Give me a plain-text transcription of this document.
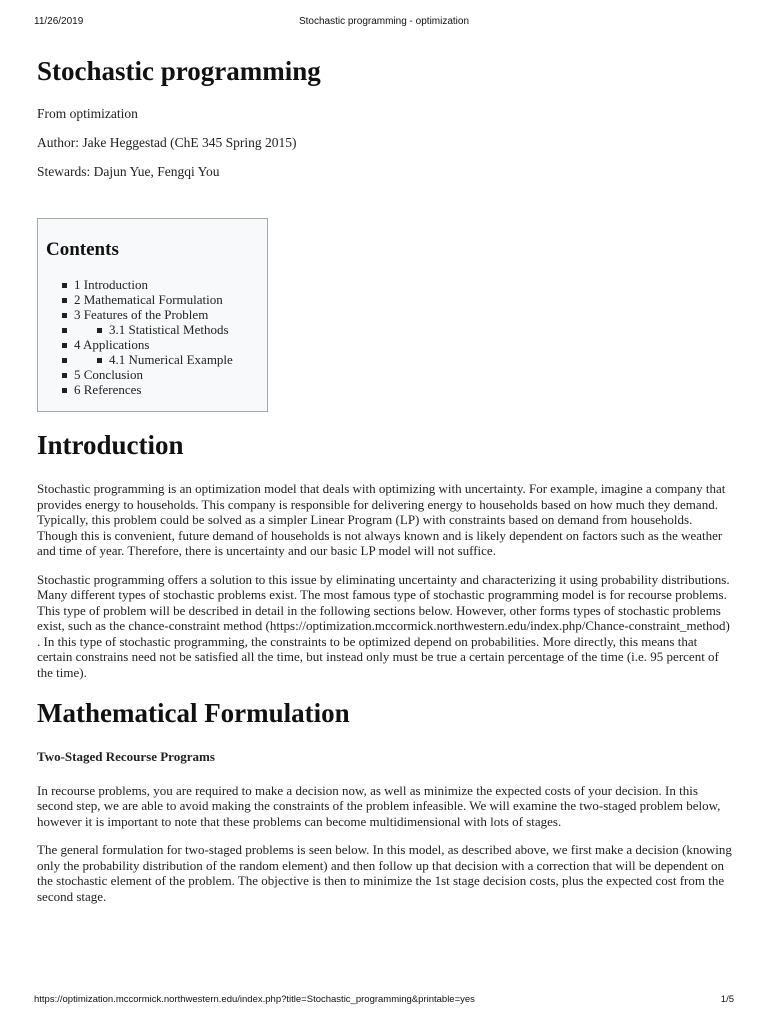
11/26/2019	Stochastic programming - optimization
Stochastic programming
From optimization
Author: Jake Heggestad (ChE 345 Spring 2015)
Stewards: Dajun Yue, Fengqi You
Contents
1 Introduction
2 Mathematical Formulation
3 Features of the Problem
3.1 Statistical Methods
4 Applications
4.1 Numerical Example
5 Conclusion
6 References
Introduction

Stochastic programming is an optimization model that deals with optimizing with uncertainty. For example, imagine a company that provides energy to households. This company is responsible for delivering energy to households based on how much they demand. Typically, this problem could be solved as a simpler Linear Program (LP) with constraints based on demand from households. Though this is convenient, future demand of households is not always known and is likely dependent on factors such as the weather and time of year. Therefore, there is uncertainty and our basic LP model will not suffice.

Stochastic programming offers a solution to this issue by eliminating uncertainty and characterizing it using probability distributions. Many different types of stochastic problems exist. The most famous type of stochastic programming model is for recourse problems. This type of problem will be described in detail in the following sections below. However, other forms types of stochastic problems exist, such as the chance-constraint method (https://optimization.mccormick.northwestern.edu/index.php/Chance-constraint_method) . In this type of stochastic programming, the constraints to be optimized depend on probabilities. More directly, this means that certain constrains need not be satisfied all the time, but instead only must be true a certain percentage of the time (i.e. 95 percent of the time).

Mathematical Formulation

Two-Staged Recourse Programs

In recourse problems, you are required to make a decision now, as well as minimize the expected costs of your decision. In this second step, we are able to avoid making the constraints of the problem infeasible. We will examine the two-staged problem below, however it is important to note that these problems can become multidimensional with lots of stages.

The general formulation for two-staged problems is seen below. In this model, as described above, we first make a decision (knowing only the probability distribution of the random element) and then follow up that decision with a correction that will be dependent on the stochastic element of the problem. The objective is then to minimize the 1st stage decision costs, plus the expected cost from the second stage.

https://optimization.mccormick.northwestern.edu/index.php?title=Stochastic_programming&printable=yes	1/5
